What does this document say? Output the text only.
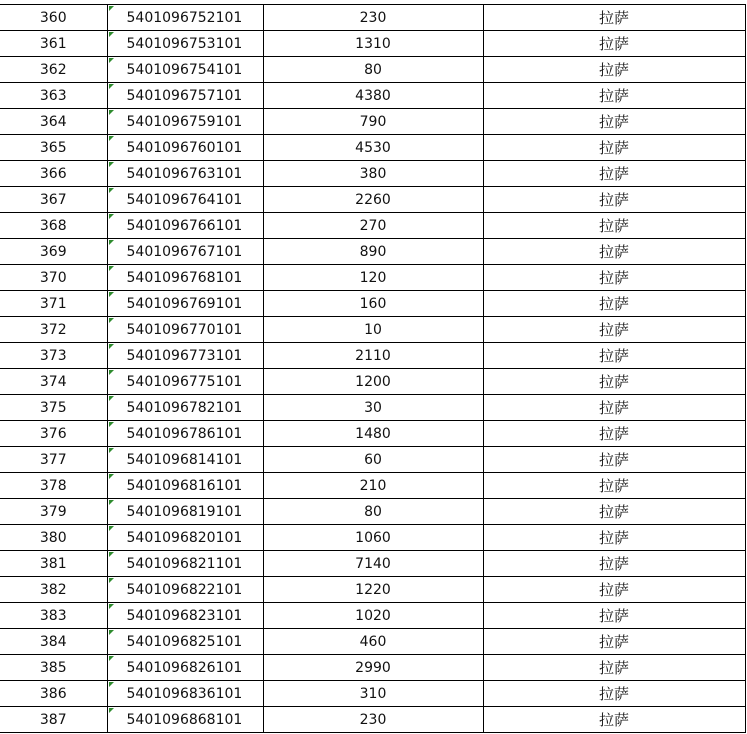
360	5401096752101	230	拉萨
361	5401096753101	1310	拉萨
362	5401096754101	80	拉萨
363	5401096757101	4380	拉萨
364	5401096759101	790	拉萨
365	5401096760101	4530	拉萨
366	5401096763101	380	拉萨
367	5401096764101	2260	拉萨
368	5401096766101	270	拉萨
369	5401096767101	890	拉萨
370	5401096768101	120	拉萨
371	5401096769101	160	拉萨
372	5401096770101	10	拉萨
373	5401096773101	2110	拉萨
374	5401096775101	1200	拉萨
375	5401096782101	30	拉萨
376	5401096786101	1480	拉萨
377	5401096814101	60	拉萨
378	5401096816101	210	拉萨
379	5401096819101	80	拉萨
380	5401096820101	1060	拉萨
381	5401096821101	7140	拉萨
382	5401096822101	1220	拉萨
383	5401096823101	1020	拉萨
384	5401096825101	460	拉萨
385	5401096826101	2990	拉萨
386	5401096836101	310	拉萨
387	5401096868101	230	拉萨
